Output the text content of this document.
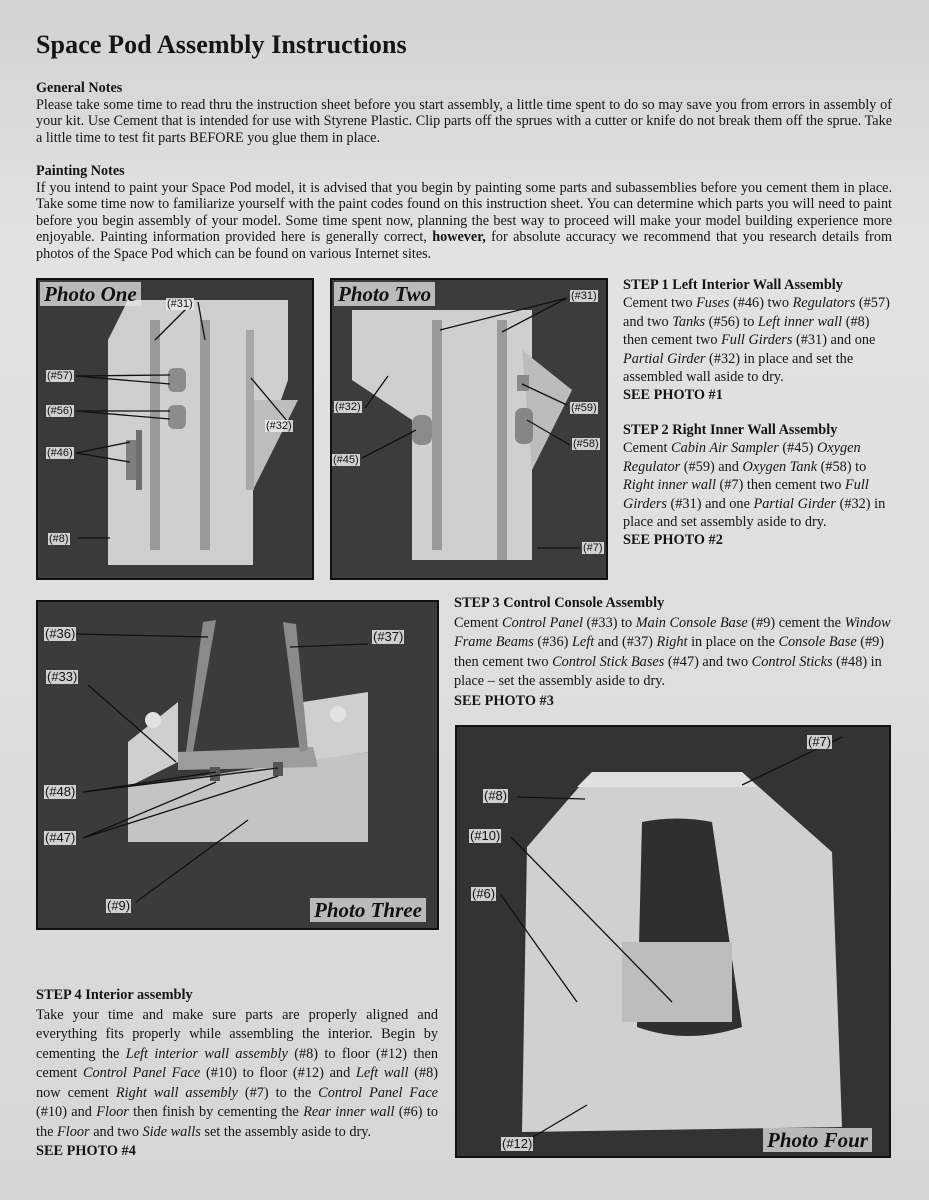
Space Pod Assembly Instructions
General Notes

Please take some time to read thru the instruction sheet before you start assembly, a little time spent to do so may save you from errors in assembly of your kit. Use Cement that is intended for use with Styrene Plastic. Clip parts off the sprues with a cutter or knife do not break them off the sprue. Take a little time to test fit parts BEFORE you glue them in place.

Painting Notes

If you intend to paint your Space Pod model, it is advised that you begin by painting some parts and subassemblies before you cement them in place. Take some time now to familiarize yourself with the paint codes found on this instruction sheet. You can determine which parts you will need to paint before you begin assembly of your model. Some time spent now, planning the best way to proceed will make your model building experience more enjoyable. Painting information provided here is generally correct, however, for absolute accuracy we recommend that you research details from photos of the Space Pod which can be found on various Internet sites.

Photo One	(#31)
(#57)
(#56)
(#46)
(#32)
(#8)
Photo Two	(#31)
(#32)	(#59)
(#45)
(#58)
(#7)
STEP 1 Left Interior Wall Assembly

Cement two Fuses (#46) two Regulators (#57) and two Tanks (#56) to Left inner wall (#8) then cement two Full Girders (#31) and one Partial Girder (#32) in place and set the assembled wall aside to dry.

SEE PHOTO #1

STEP 2 Right Inner Wall Assembly

Cement Cabin Air Sampler (#45) Oxygen Regulator (#59) and Oxygen Tank (#58) to Right inner wall (#7) then cement two Full Girders (#31) and one Partial Girder (#32) in place and set assembly aside to dry.

SEE PHOTO #2

(#36)	(#37)
(#33)
(#48)
(#47)
(#9)	Photo Three
STEP 3 Control Console Assembly

Cement Control Panel (#33) to Main Console Base (#9) cement the Window Frame Beams (#36) Left and (#37) Right in place on the Console Base (#9) then cement two Control Stick Bases (#47) and two Control Sticks (#48) in place – set the assembly aside to dry.

SEE PHOTO #3

(#7)
(#8)
(#10)
(#6)
(#12)	Photo Four
STEP 4 Interior assembly

Take your time and make sure parts are properly aligned and everything fits properly while assembling the interior. Begin by cementing the Left interior wall assembly (#8) to floor (#12) then cement Control Panel Face (#10) to floor (#12) and Left wall (#8) now cement Right wall assembly (#7) to the Control Panel Face (#10) and Floor then finish by cementing the Rear inner wall (#6) to the Floor and two Side walls set the assembly aside to dry.

SEE PHOTO #4
